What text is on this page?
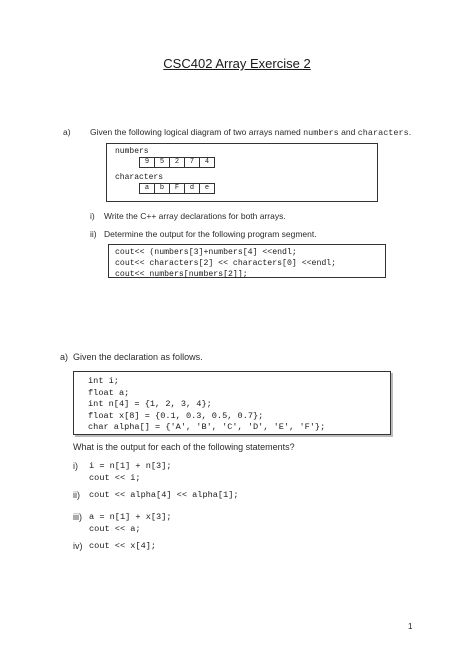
CSC402 Array Exercise 2
a) Given the following logical diagram of two arrays named numbers and characters.
numbers
9	5	2	7	4
characters
a	b	F	d	e
i) Write the C++ array declarations for both arrays.
ii) Determine the output for the following program segment.
cout<< (numbers[3]+numbers[4] <<endl;
cout<< characters[2] << characters[0] <<endl;
cout<< numbers[numbers[2]];
a) Given the declaration as follows.
int i;
float a;
int n[4] = {1, 2, 3, 4};
float x[8] = {0.1, 0.3, 0.5, 0.7};
char alpha[] = {'A', 'B', 'C', 'D', 'E', 'F'};
What is the output for each of the following statements?
i) i = n[1] + n[3];
cout << i;
ii) cout << alpha[4] << alpha[1];
iii) a = n[1] + x[3];
cout << a;
iv) cout << x[4];
1
